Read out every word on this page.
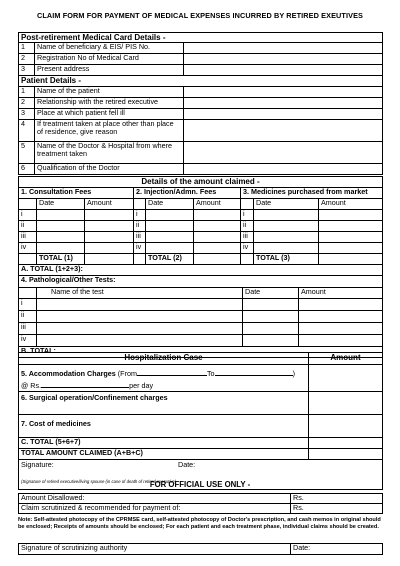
CLAIM FORM FOR PAYMENT OF MEDICAL EXPENSES INCURRED BY RETIRED EXEUTIVES
Post-retirement Medical Card Details -		
1	Name of beneficiary & EIS/ PIS No.	
2	Registration No of Medical Card	
3	Present address	
Patient Details -		
1	Name of the patient	
2	Relationship with the retired executive	
3	Place at which patient fell ill	
4	If treatment taken at place other than place of residence, give reason	
5	Name of the Doctor & Hospital from where treatment taken	
6	Qualification of the Doctor	
Details of the amount claimed -								
1. Consultation Fees			2. Injection/Admn. Fees			3. Medicines purchased from market		
	Date	Amount		Date	Amount		Date	Amount
i			i			i		
ii			ii			ii		
iii			iii			iii		
iv			iv			iv		
	TOTAL (1)			TOTAL (2)			TOTAL (3)	
A. TOTAL (1+2+3):								
4. Pathological/Other Tests:			
	Name of the test	Date	Amount
i			
ii			
iii			
iv			
B. TOTAL:			
Hospitalization Case	Amount
5. Accommodation Charges (From To )
@ Rs. per day	
6. Surgical operation/Confinement charges	
7. Cost of medicines	
C. TOTAL (5+6+7)	
TOTAL AMOUNT CLAIMED (A+B+C)	

Signature: Date:
(Signature of retired executive/living spouse (in case of death of retired executive)	
FOR OFFICIAL USE ONLY -
Amount Disallowed:	Rs.
Claim scrutinized & recommended for payment of:	Rs.
Note: Self-attested photocopy of the CPRMSE card, self-attested photocopy of Doctor's prescription, and cash memos in original should be enclosed; Receipts of amounts should be enclosed; For each patient and each treatment phase, individual claims should be created.
Signature of scrutinizing authority	Date:
